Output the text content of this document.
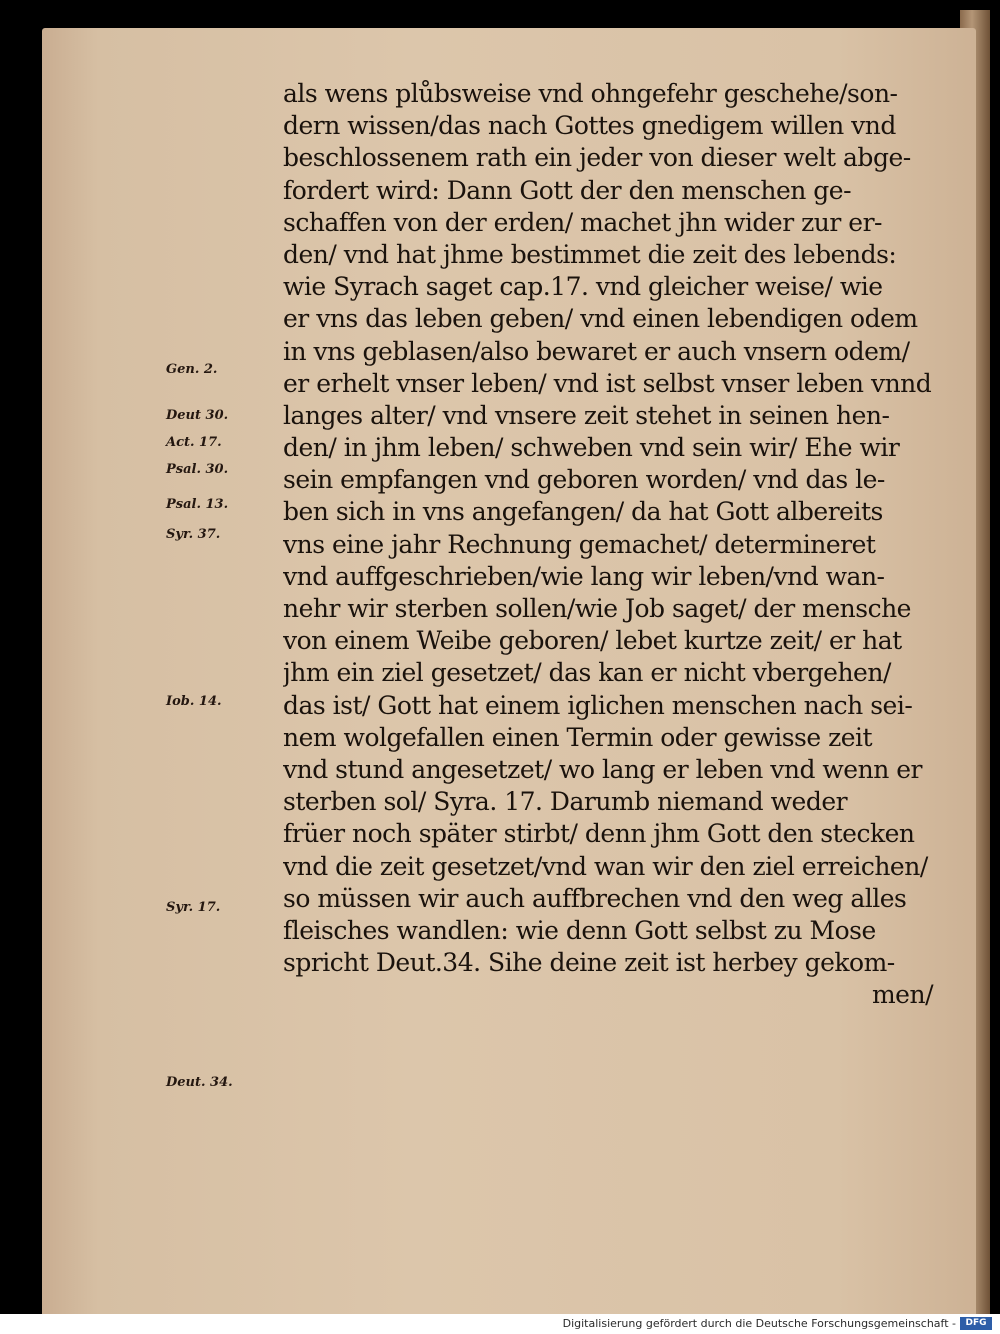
als wens plůbsweise vnd ohngefehr geschehe/son-
dern wissen/das nach Gottes gnedigem willen vnd
beschlossenem rath ein jeder von dieser welt abge-
fordert wird: Dann Gott der den menschen ge-
schaffen von der erden/ machet jhn wider zur er-
den/ vnd hat jhme bestimmet die zeit des lebends:
wie Syrach saget cap.17. vnd gleicher weise/ wie
er vns das leben geben/ vnd einen lebendigen odem
in vns geblasen/also bewaret er auch vnsern odem/
er erhelt vnser leben/ vnd ist selbst vnser leben vnnd
langes alter/ vnd vnsere zeit stehet in seinen hen-
den/ in jhm leben/ schweben vnd sein wir/ Ehe wir
sein empfangen vnd geboren worden/ vnd das le-
ben sich in vns angefangen/ da hat Gott albereits
vns eine jahr Rechnung gemachet/ determineret
vnd auffgeschrieben/wie lang wir leben/vnd wan-
nehr wir sterben sollen/wie Job saget/ der mensche
von einem Weibe geboren/ lebet kurtze zeit/ er hat
jhm ein ziel gesetzet/ das kan er nicht vbergehen/
das ist/ Gott hat einem iglichen menschen nach sei-
nem wolgefallen einen Termin oder gewisse zeit
vnd stund angesetzet/ wo lang er leben vnd wenn er
sterben sol/ Syra. 17. Darumb niemand weder
früer noch später stirbt/ denn jhm Gott den stecken
vnd die zeit gesetzet/vnd wan wir den ziel erreichen/
so müssen wir auch auffbrechen vnd den weg alles
fleisches wandlen: wie denn Gott selbst zu Mose
spricht Deut.34. Sihe deine zeit ist herbey gekom-
men/
Gen. 2.
Deut 30.
Act. 17.
Psal. 30.
Psal. 13.
Syr. 37.
Iob. 14.
Syr. 17.
Deut. 34.
Digitalisierung gefördert durch die Deutsche Forschungsgemeinschaft -	DFG
